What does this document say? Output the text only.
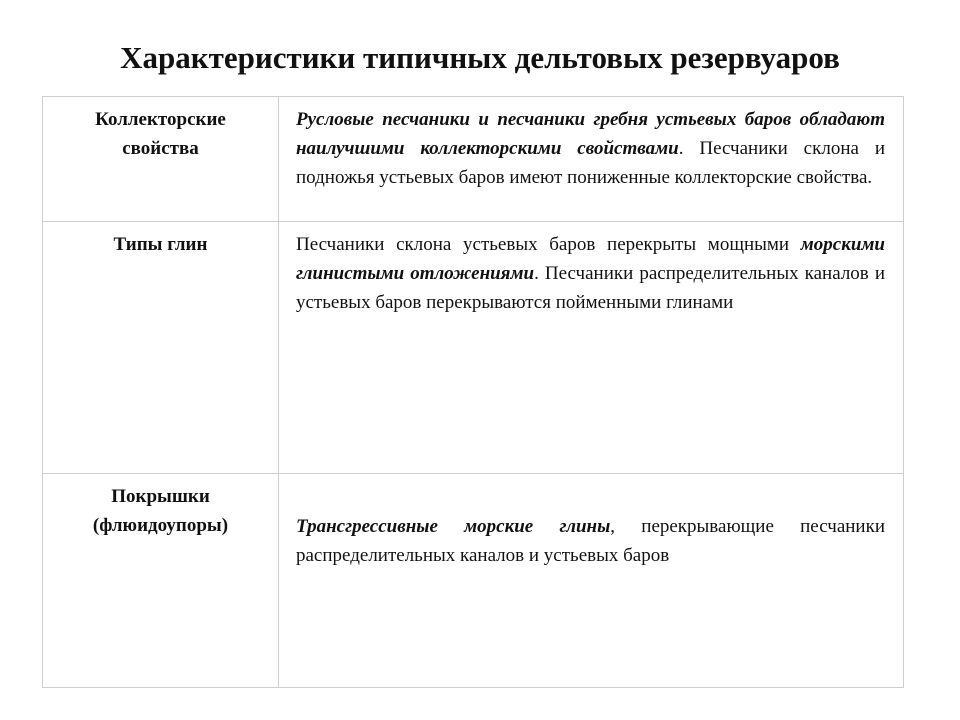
Характеристики типичных дельтовых резервуаров
Коллекторские
свойства	Русловые песчаники и песчаники гребня устьевых баров обладают наилучшими коллекторскими свойствами. Песчаники склона и подножья устьевых баров имеют пониженные коллекторские свойства.

Типы глин	Песчаники склона устьевых баров перекрыты мощными морскими глинистыми отложениями. Песчаники распределительных каналов и устьевых баров перекрываются пойменными глинами

Покрышки
(флюидоупоры)	Трансгрессивные морские глины, перекрывающие песчаники распределительных каналов и устьевых баров
